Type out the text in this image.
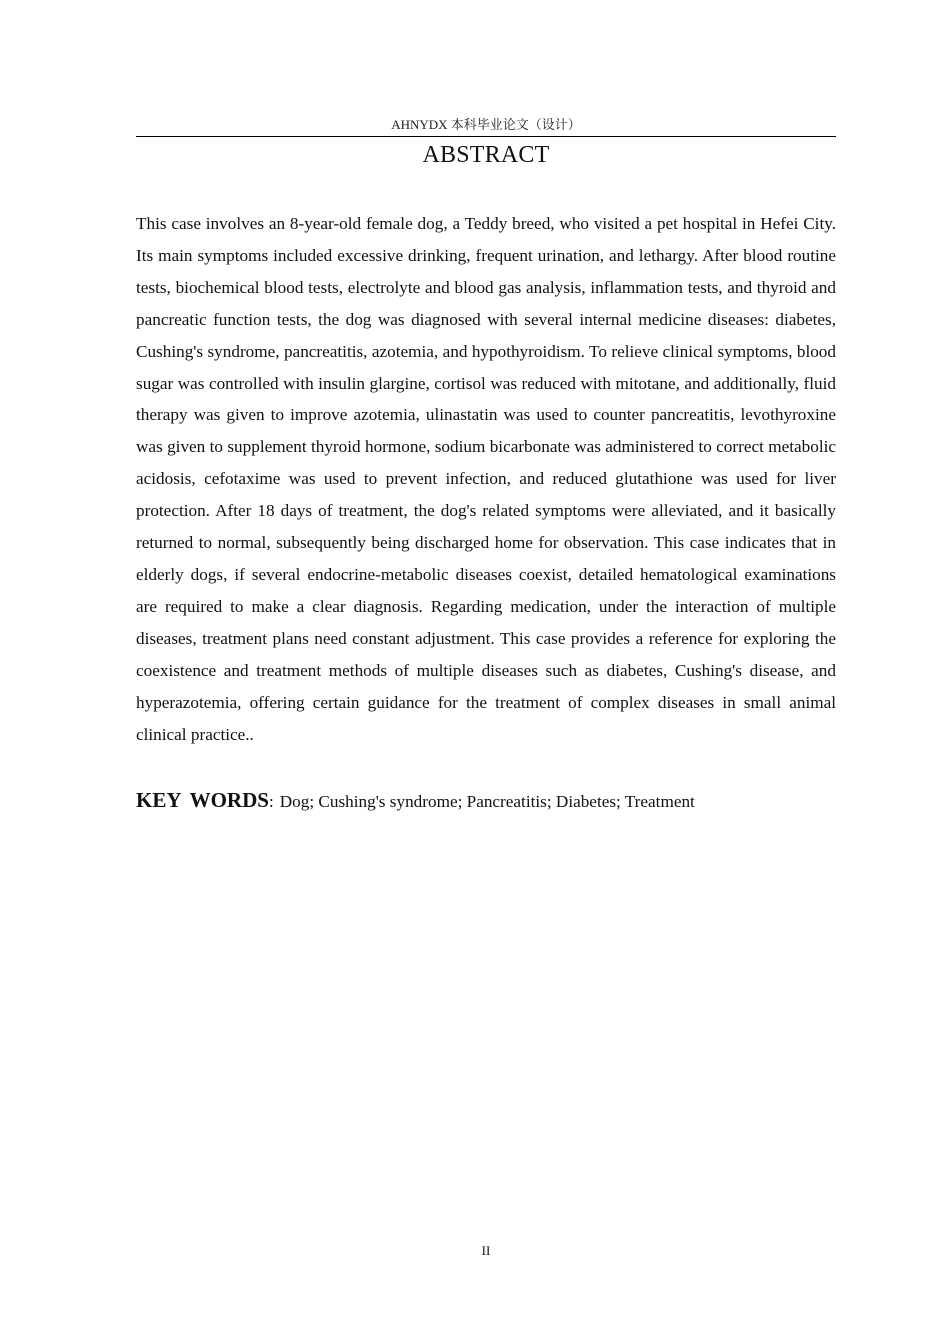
AHNYDX 本科毕业论文（设计）
ABSTRACT

This case involves an 8-year-old female dog, a Teddy breed, who visited a pet hospital in Hefei City. Its main symptoms included excessive drinking, frequent urination, and lethargy. After blood routine tests, biochemical blood tests, electrolyte and blood gas analysis, inflammation tests, and thyroid and pancreatic function tests, the dog was diagnosed with several internal medicine diseases: diabetes, Cushing's syndrome, pancreatitis, azotemia, and hypothyroidism. To relieve clinical symptoms, blood sugar was controlled with insulin glargine, cortisol was reduced with mitotane, and additionally, fluid therapy was given to improve azotemia, ulinastatin was used to counter pancreatitis, levothyroxine was given to supplement thyroid hormone, sodium bicarbonate was administered to correct metabolic acidosis, cefotaxime was used to prevent infection, and reduced glutathione was used for liver protection. After 18 days of treatment, the dog's related symptoms were alleviated, and it basically returned to normal, subsequently being discharged home for observation. This case indicates that in elderly dogs, if several endocrine-metabolic diseases coexist, detailed hematological examinations are required to make a clear diagnosis. Regarding medication, under the interaction of multiple diseases, treatment plans need constant adjustment. This case provides a reference for exploring the coexistence and treatment methods of multiple diseases such as diabetes, Cushing's disease, and hyperazotemia, offering certain guidance for the treatment of complex diseases in small animal clinical practice..

KEY WORDS: Dog; Cushing's syndrome; Pancreatitis; Diabetes; Treatment
II
